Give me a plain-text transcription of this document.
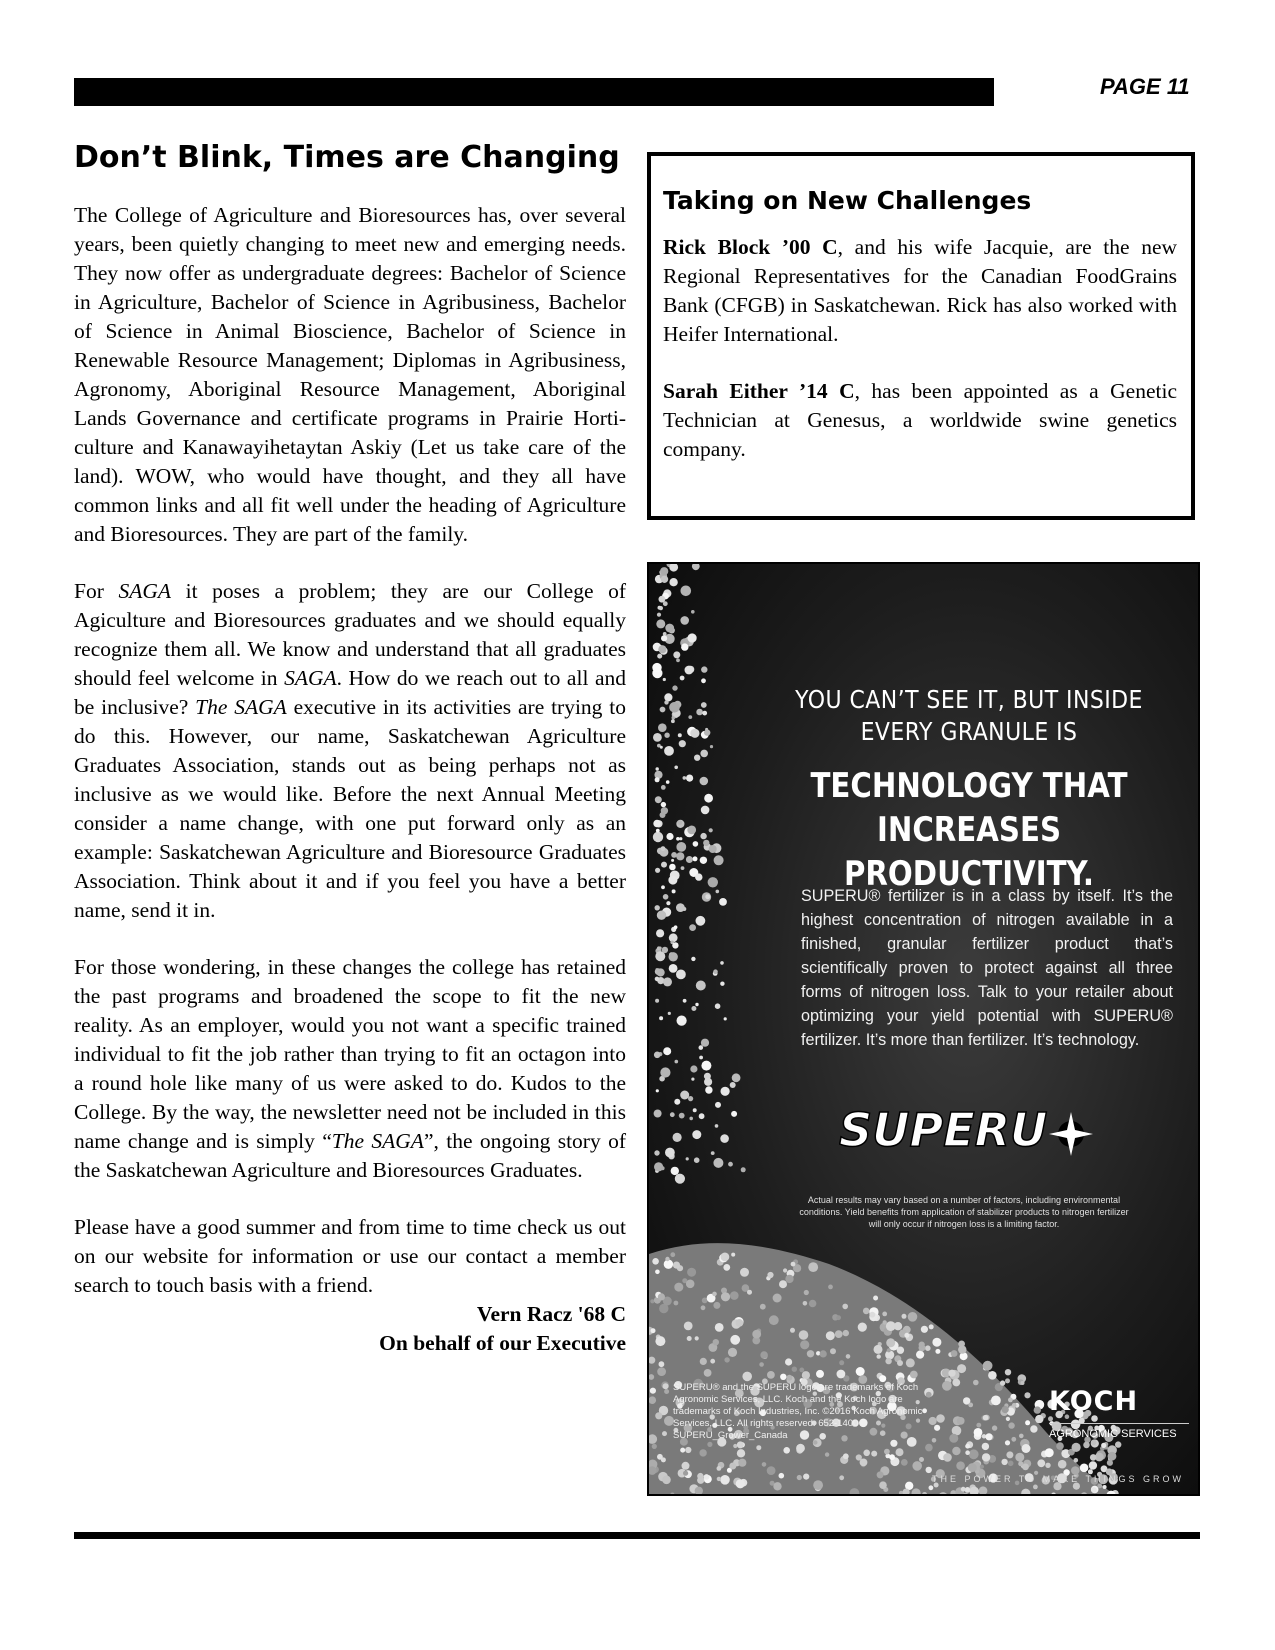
PAGE 11
Don’t Blink, Times are Changing

The College of Agriculture and Bioresources has, over several years, been quietly changing to meet new and emerging needs. They now offer as undergraduate degrees: Bachelor of Science in Agriculture, Bachelor of Science in Agribusiness, Bachelor of Science in Animal Bioscience, Bachelor of Science in Renewable Resource Management; Diplomas in Agribusiness, Agronomy, Aboriginal Resource Management, Aboriginal Lands Governance and certificate programs in Prairie Horticulture and Kanawayihetaytan Askiy (Let us take care of the land). WOW, who would have thought, and they all have common links and all fit well under the heading of Agriculture and Bioresources. They are part of the family.

For SAGA it poses a problem; they are our College of Agiculture and Bioresources graduates and we should equally recognize them all. We know and understand that all graduates should feel welcome in SAGA. How do we reach out to all and be inclusive? The SAGA executive in its activities are trying to do this. However, our name, Saskatchewan Agriculture Graduates Association, stands out as being perhaps not as inclusive as we would like. Before the next Annual Meeting consider a name change, with one put forward only as an example: Saskatchewan Agriculture and Bioresource Graduates Association. Think about it and if you feel you have a better name, send it in.

For those wondering, in these changes the college has retained the past programs and broadened the scope to fit the new reality. As an employer, would you not want a specific trained individual to fit the job rather than trying to fit an octagon into a round hole like many of us were asked to do. Kudos to the College. By the way, the newsletter need not be included in this name change and is simply “The SAGA”, the ongoing story of the Saskatchewan Agriculture and Bioresources Graduates.

Please have a good summer and from time to time check us out on our website for information or use our contact a member search to touch basis with a friend.

Vern Racz '68 C
On behalf of our Executive
Taking on New Challenges

Rick Block ’00 C, and his wife Jacquie, are the new Regional Representatives for the Canadian FoodGrains Bank (CFGB) in Saskatchewan. Rick has also worked with Heifer International.

Sarah Either ’14 C, has been appointed as a Genetic Technician at Genesus, a worldwide swine genetics company.

YOU CAN’T SEE IT, BUT INSIDE EVERY GRANULE IS
TECHNOLOGY THAT INCREASES PRODUCTIVITY.
SUPERU® fertilizer is in a class by itself. It’s the highest concentration of nitrogen available in a finished, granular fertilizer product that’s scientifically proven to protect against all three forms of nitrogen loss. Talk to your retailer about optimizing your yield potential with SUPERU® fertilizer. It’s more than fertilizer. It’s technology.
SUPERU
Actual results may vary based on a number of factors, including environmental conditions. Yield benefits from application of stabilizer products to nitrogen fertilizer will only occur if nitrogen loss is a limiting factor.
SUPERU® and the SUPERU logo are trademarks of Koch Agronomic Services, LLC. Koch and the Koch logo are trademarks of Koch Industries, Inc. ©2016 Koch Agronomic Services, LLC. All rights reserved. 652-1400 SUPERU_Grower_Canada
KOCH
AGRONOMIC SERVICES
THE POWER TO MAKE THINGS GROW
